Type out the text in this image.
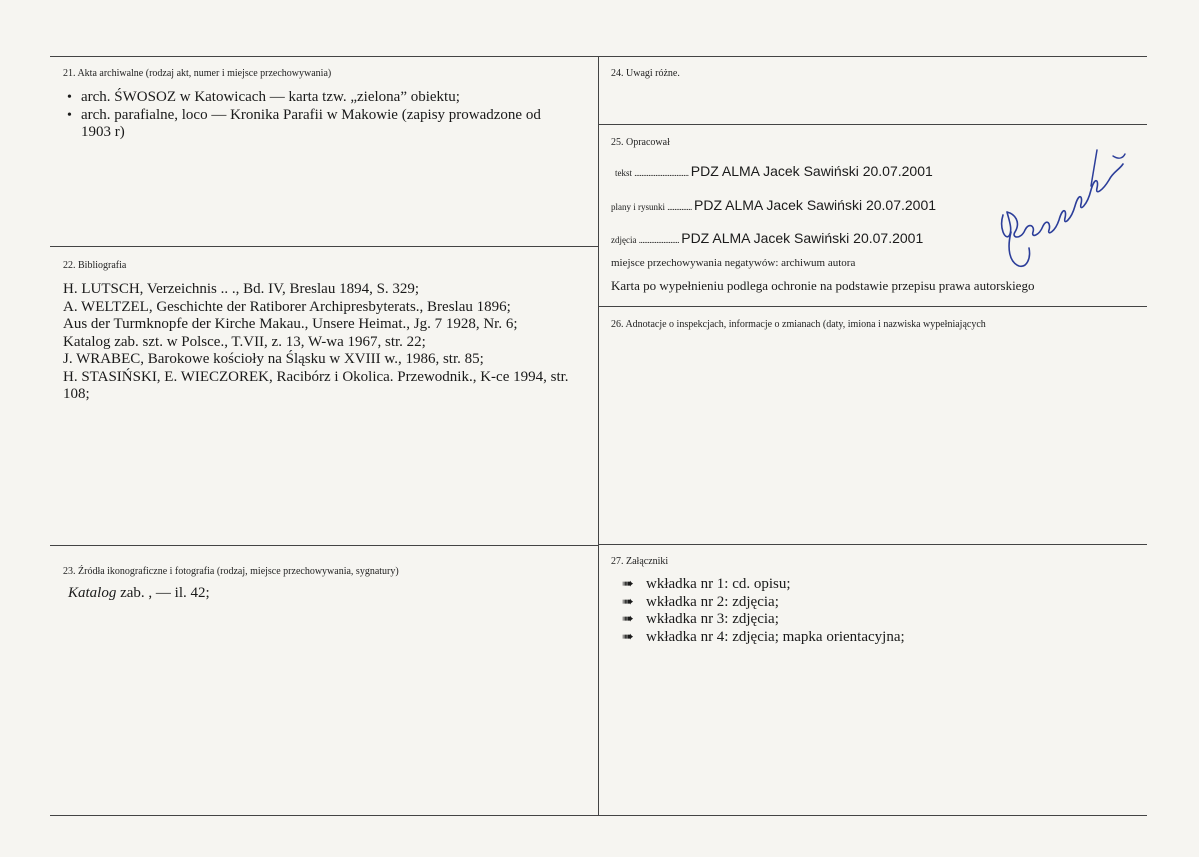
21. Akta archiwalne (rodzaj akt, numer i miejsce przechowywania)
• arch. ŚWOSOZ w Katowicach — karta tzw. „zielona” obiektu;
• arch. parafialne, loco — Kronika Parafii w Makowie (zapisy prowadzone od 1903 r)
22. Bibliografia
H. LUTSCH, Verzeichnis .. ., Bd. IV, Breslau 1894, S. 329;
A. WELTZEL, Geschichte der Ratiborer Archipresbyterats., Breslau 1896;
Aus der Turmknopfe der Kirche Makau., Unsere Heimat., Jg. 7 1928, Nr. 6;
Katalog zab. szt. w Polsce., T.VII, z. 13, W-wa 1967, str. 22;
J. WRABEC, Barokowe kościoły na Śląsku w XVIII w., 1986, str. 85;
H. STASIŃSKI, E. WIECZOREK, Racibórz i Okolica. Przewodnik., K-ce 1994, str.
108;
23. Źródła ikonograficzne i fotografia (rodzaj, miejsce przechowywania, sygnatury)
Katalog zab. , — il. 42;
24. Uwagi różne.
25. Opracował
tekst ............................... PDZ ALMA Jacek Sawiński 20.07.2001
plany i rysunki .............. PDZ ALMA Jacek Sawiński 20.07.2001
zdjęcia ....................... PDZ ALMA Jacek Sawiński 20.07.2001
miejsce przechowywania negatywów: archiwum autora
Karta po wypełnieniu podlega ochronie na podstawie przepisu prawa autorskiego
26. Adnotacje o inspekcjach, informacje o zmianach (daty, imiona i nazwiska wypełniających
27. Załączniki
➠ wkładka nr 1: cd. opisu;
➠ wkładka nr 2: zdjęcia;
➠ wkładka nr 3: zdjęcia;
➠ wkładka nr 4: zdjęcia; mapka orientacyjna;
